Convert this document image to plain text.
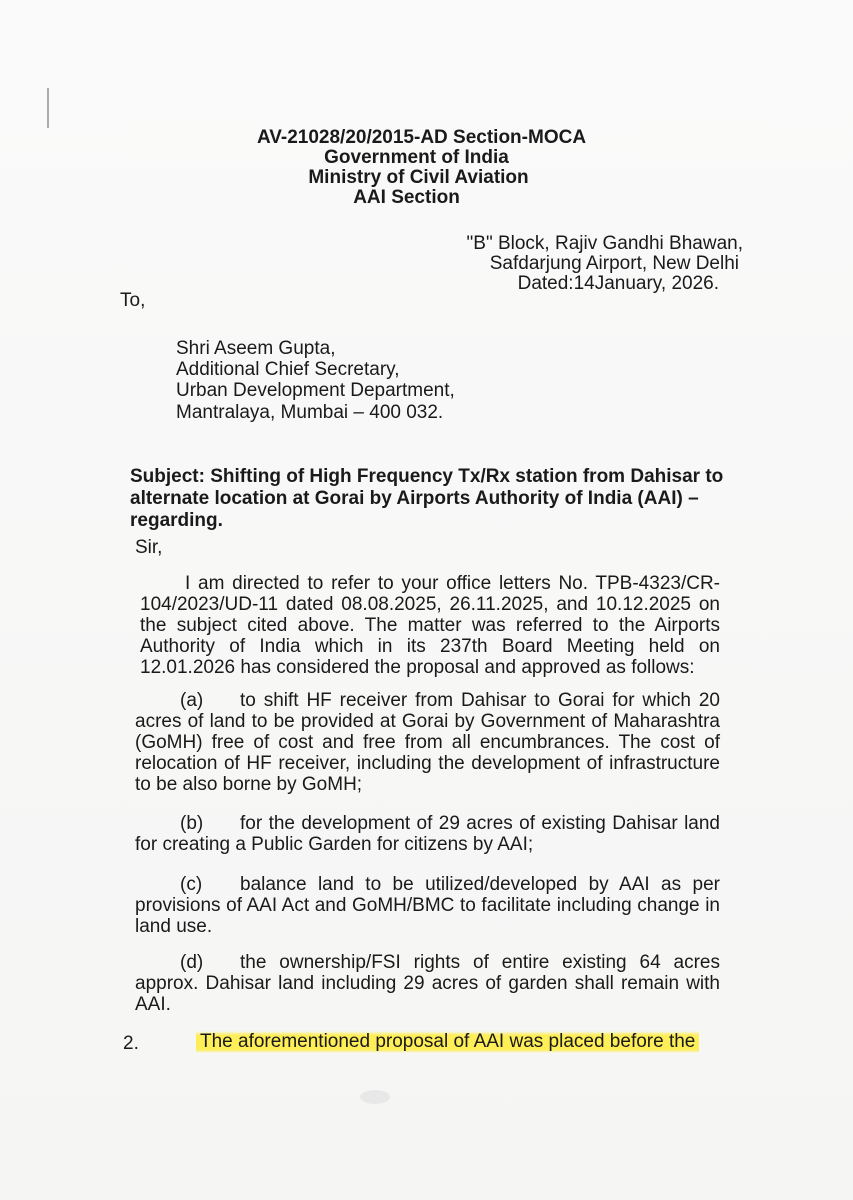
AV-21028/20/2015-AD Section-MOCA
Government of India
Ministry of Civil Aviation
AAI Section
"B" Block, Rajiv Gandhi Bhawan,
Safdarjung Airport, New Delhi
Dated:14January, 2026.
To,
Shri Aseem Gupta,
Additional Chief Secretary,
Urban Development Department,
Mantralaya, Mumbai – 400 032.
Subject: Shifting of High Frequency Tx/Rx station from Dahisar to alternate location at Gorai by Airports Authority of India (AAI) – regarding.
Sir,
I am directed to refer to your office letters No. TPB-4323/CR-104/2023/UD-11 dated 08.08.2025, 26.11.2025, and 10.12.2025 on the subject cited above. The matter was referred to the Airports Authority of India which in its 237th Board Meeting held on 12.01.2026 has considered the proposal and approved as follows:
(a) to shift HF receiver from Dahisar to Gorai for which 20 acres of land to be provided at Gorai by Government of Maharashtra (GoMH) free of cost and free from all encumbrances. The cost of relocation of HF receiver, including the development of infrastructure to be also borne by GoMH;
(b) for the development of 29 acres of existing Dahisar land for creating a Public Garden for citizens by AAI;
(c) balance land to be utilized/developed by AAI as per provisions of AAI Act and GoMH/BMC to facilitate including change in land use.
(d) the ownership/FSI rights of entire existing 64 acres approx. Dahisar land including 29 acres of garden shall remain with AAI.
2.	The aforementioned proposal of AAI was placed before the
